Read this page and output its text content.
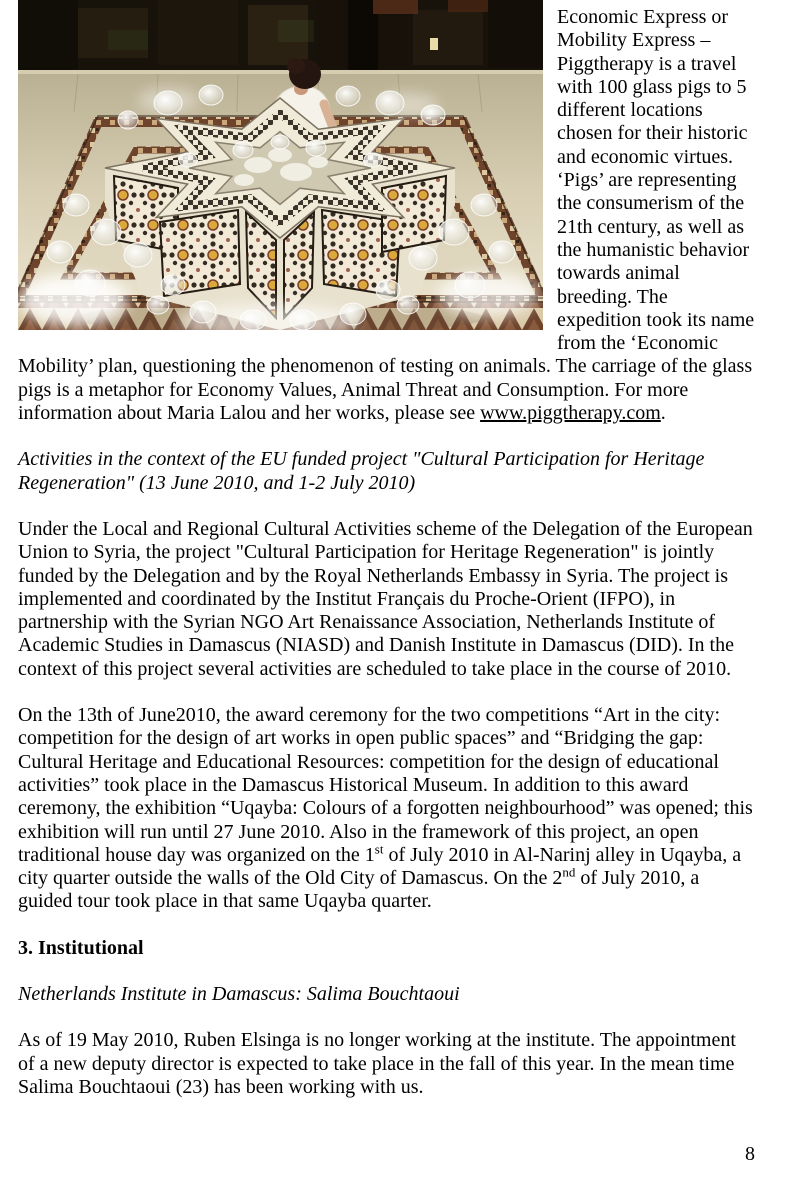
Economic Express or Mobility Express – Piggtherapy is a travel with 100 glass pigs to 5 different locations chosen for their historic and economic virtues. ‘Pigs’ are representing the consumerism of the 21th century, as well as the humanistic behavior towards animal breeding. The expedition took its name from the ‘Economic Mobility’ plan, questioning the phenomenon of testing on animals. The carriage of the glass pigs is a metaphor for Economy Values, Animal Threat and Consumption. For more information about Maria Lalou and her works, please see www.piggtherapy.com.

Activities in the context of the EU funded project "Cultural Participation for Heritage Regeneration" (13 June 2010, and 1-2 July 2010)

Under the Local and Regional Cultural Activities scheme of the Delegation of the European Union to Syria, the project "Cultural Participation for Heritage Regeneration" is jointly funded by the Delegation and by the Royal Netherlands Embassy in Syria. The project is implemented and coordinated by the Institut Français du Proche-Orient (IFPO), in partnership with the Syrian NGO Art Renaissance Association, Netherlands Institute of Academic Studies in Damascus (NIASD) and Danish Institute in Damascus (DID). In the context of this project several activities are scheduled to take place in the course of 2010.

On the 13th of June2010, the award ceremony for the two competitions “Art in the city: competition for the design of art works in open public spaces” and “Bridging the gap: Cultural Heritage and Educational Resources: competition for the design of educational activities” took place in the Damascus Historical Museum. In addition to this award ceremony, the exhibition “Uqayba: Colours of a forgotten neighbourhood” was opened; this exhibition will run until 27 June 2010. Also in the framework of this project, an open traditional house day was organized on the 1st of July 2010 in Al-Narinj alley in Uqayba, a city quarter outside the walls of the Old City of Damascus. On the 2nd of July 2010, a guided tour took place in that same Uqayba quarter.

3. Institutional

Netherlands Institute in Damascus: Salima Bouchtaoui

As of 19 May 2010, Ruben Elsinga is no longer working at the institute. The appointment of a new deputy director is expected to take place in the fall of this year. In the mean time Salima Bouchtaoui (23) has been working with us.

8
